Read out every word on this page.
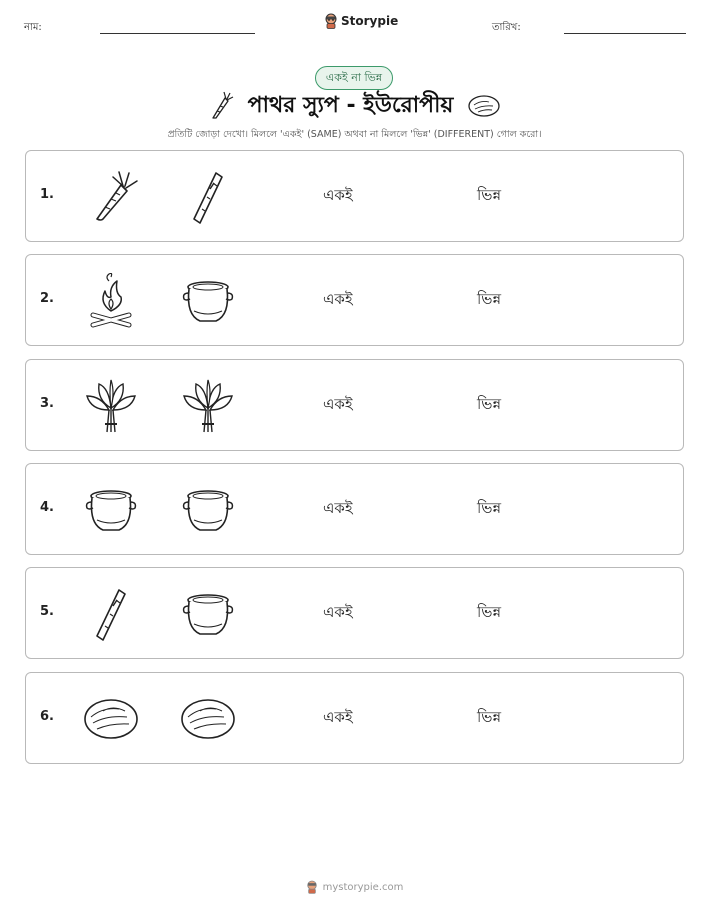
নাম:	Storypie	তারিখ:
একই না ভিন্ন
পাথর স্যুপ - ইউরোপীয়
প্রতিটি জোড়া দেখো। মিললে 'একই' (SAME) অথবা না মিললে 'ভিন্ন' (DIFFERENT) গোল করো।
1.	একই	ভিন্ন
2.	একই	ভিন্ন
3.	একই	ভিন্ন
4.	একই	ভিন্ন
5.	একই	ভিন্ন
6.	একই	ভিন্ন
mystorypie.com
